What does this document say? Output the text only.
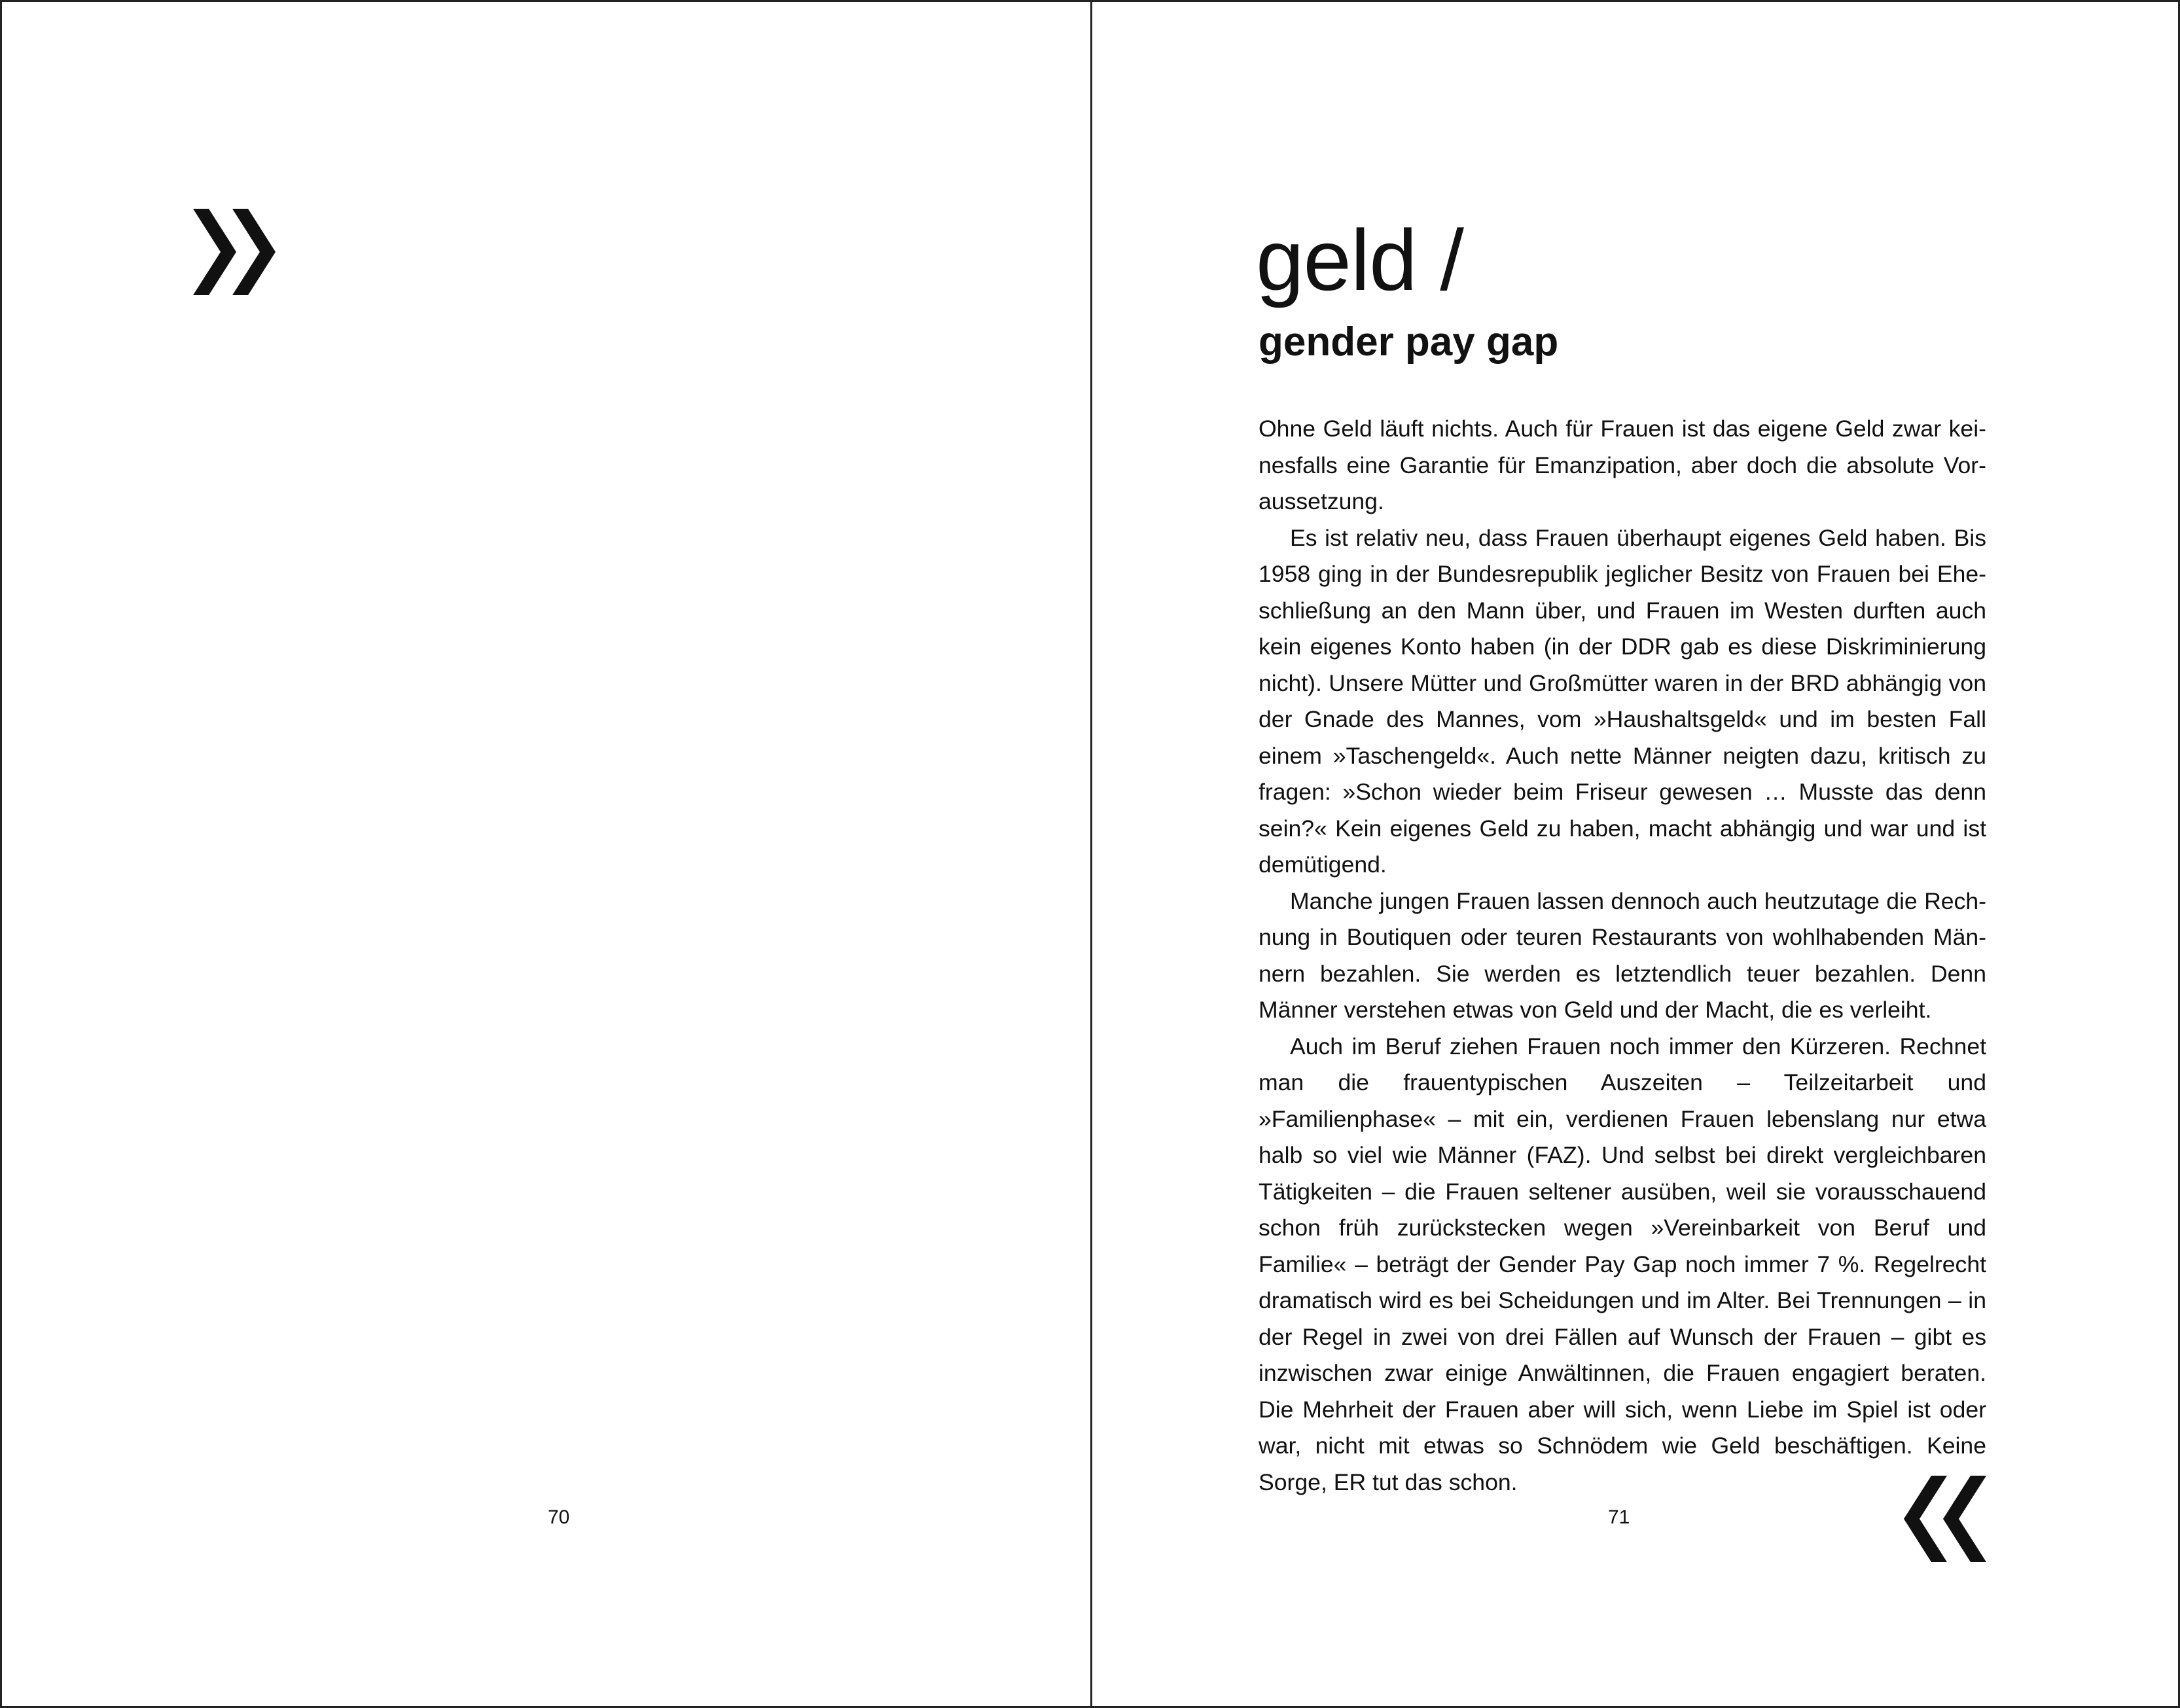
70
geld /
gender pay gap

Ohne Geld läuft nichts. Auch für Frauen ist das eigene Geld zwar keinesfalls eine Garantie für Emanzipation, aber doch die absolute Voraussetzung.

Es ist relativ neu, dass Frauen überhaupt eigenes Geld haben. Bis 1958 ging in der Bundesrepublik jeglicher Besitz von Frauen bei Eheschließung an den Mann über, und Frauen im Westen durften auch kein eigenes Konto haben (in der DDR gab es diese Diskriminierung nicht). Unsere Mütter und Großmütter waren in der BRD abhängig von der Gnade des Mannes, vom »Haushaltsgeld« und im besten Fall einem »Taschengeld«. Auch nette Männer neigten dazu, kritisch zu fragen: »Schon wieder beim Friseur gewesen … Musste das denn sein?« Kein eigenes Geld zu haben, macht abhängig und war und ist demütigend.

Manche jungen Frauen lassen dennoch auch heutzutage die Rechnung in Boutiquen oder teuren Restaurants von wohlhabenden Männern bezahlen. Sie werden es letztendlich teuer bezahlen. Denn Männer verstehen etwas von Geld und der Macht, die es verleiht.

Auch im Beruf ziehen Frauen noch immer den Kürzeren. Rechnet man die frauentypischen Auszeiten – Teilzeitarbeit und »Familienphase« – mit ein, verdienen Frauen lebenslang nur etwa halb so viel wie Männer (FAZ). Und selbst bei direkt vergleichbaren Tätigkeiten – die Frauen seltener ausüben, weil sie vorausschauend schon früh zurückstecken wegen »Vereinbarkeit von Beruf und Familie« – beträgt der Gender Pay Gap noch immer 7 %. Regelrecht dramatisch wird es bei Scheidungen und im Alter. Bei Trennungen – in der Regel in zwei von drei Fällen auf Wunsch der Frauen – gibt es inzwischen zwar einige Anwältinnen, die Frauen engagiert beraten. Die Mehrheit der Frauen aber will sich, wenn Liebe im Spiel ist oder war, nicht mit etwas so Schnödem wie Geld beschäftigen. Keine Sorge, ER tut das schon.

71
